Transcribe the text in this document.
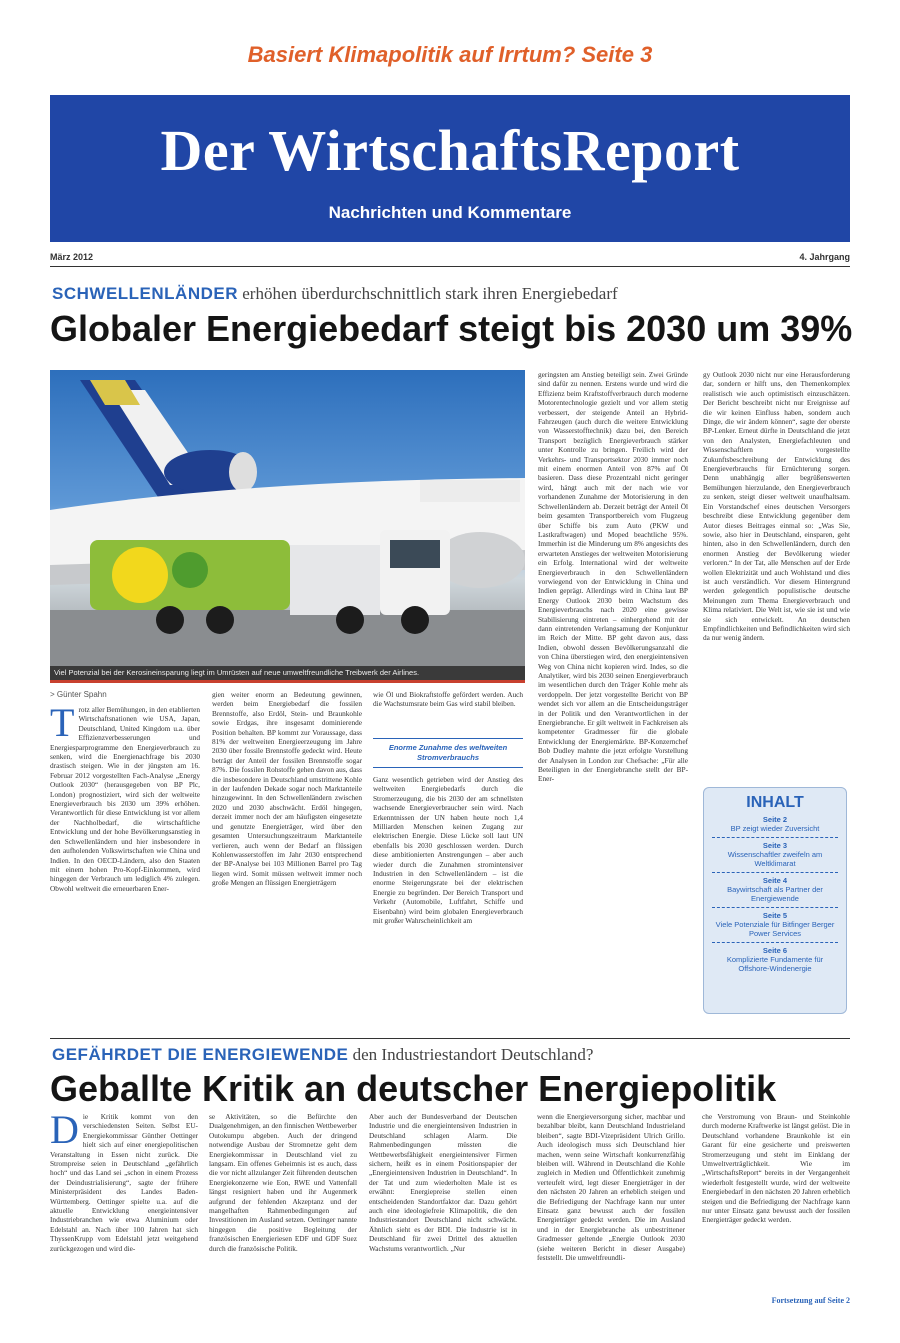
Basiert Klimapolitik auf Irrtum? Seite 3
Der WirtschaftsReport
Nachrichten und Kommentare
März 2012	4. Jahrgang
SCHWELLENLÄNDER erhöhen überdurchschnittlich stark ihren Energiebedarf
Globaler Energiebedarf steigt bis 2030 um 39%
Viel Potenzial bei der Kerosineinsparung liegt im Umrüsten auf neue umweltfreundliche Treibwerk der Airlines.
> Günter Spahn
Trotz aller Bemühungen, in den etablierten Wirtschaftsnationen wie USA, Japan, Deutschland, United Kingdom u.a. über Effizienzverbesserungen und Energiesparprogramme den Energieverbrauch zu senken, wird die Energienachfrage bis 2030 drastisch steigen. Wie in der jüngsten am 16. Februar 2012 vorgestellten Fach-Analyse „Energy Outlook 2030“ (herausgegeben von BP Plc, London) prognostiziert, wird sich der weltweite Energieverbrauch bis 2030 um 39% erhöhen. Verantwortlich für diese Entwicklung ist vor allem der Nachholbedarf, die wirtschaftliche Entwicklung und der hohe Bevölkerungsanstieg in den Schwellenländern und hier insbesondere in den aufholenden Volkswirtschaften wie China und Indien. In den OECD-Ländern, also den Staaten mit einem hohen Pro-Kopf-Einkommen, wird hingegen der Verbrauch um lediglich 4% zulegen. Obwohl weltweit die erneuerbaren Ener-
gien weiter enorm an Bedeutung gewinnen, werden beim Energiebedarf die fossilen Brennstoffe, also Erdöl, Stein- und Braunkohle sowie Erdgas, ihre insgesamt dominierende Position behalten. BP kommt zur Voraussage, dass 81% der weltweiten Energieerzeugung im Jahre 2030 über fossile Brennstoffe gedeckt wird. Heute beträgt der Anteil der fossilen Brennstoffe sogar 87%. Die fossilen Rohstoffe gehen davon aus, dass die insbesondere in Deutschland umstrittene Kohle in der laufenden Dekade sogar noch Marktanteile hinzugewinnt. In den Schwellenländern zwischen 2020 und 2030 abschwächt. Erdöl hingegen, derzeit immer noch der am häufigsten eingesetzte und genutzte Energieträger, wird über den gesamten Untersuchungszeitraum Marktanteile verlieren, auch wenn der Bedarf an flüssigen Kohlenwasserstoffen im Jahr 2030 entsprechend der BP-Analyse bei 103 Millionen Barrel pro Tag liegen wird. Somit müssen weltweit immer noch große Mengen an flüssigen Energieträgern
wie Öl und Biokraftstoffe gefördert werden. Auch die Wachstumsrate beim Gas wird stabil bleiben.
Enorme Zunahme des weltweiten Stromverbrauchs
Ganz wesentlich getrieben wird der Anstieg des weltweiten Energiebedarfs durch die Stromerzeugung, die bis 2030 der am schnellsten wachsende Energieverbraucher sein wird. Nach Erkenntnissen der UN haben heute noch 1,4 Milliarden Menschen keinen Zugang zur elektrischen Energie. Diese Lücke soll laut UN ebenfalls bis 2030 geschlossen werden. Durch diese ambitionierten Anstrengungen – aber auch wieder durch die Zunahmen stromintensiver Industrien in den Schwellenländern – ist die enorme Steigerungsrate bei der elektrischen Energie zu begründen. Der Bereich Transport und Verkehr (Automobile, Luftfahrt, Schiffe und Eisenbahn) wird beim globalen Energieverbrauch mit großer Wahrscheinlichkeit am
geringsten am Anstieg beteiligt sein. Zwei Gründe sind dafür zu nennen. Erstens wurde und wird die Effizienz beim Kraftstoffverbrauch durch moderne Motorentechnologie gezielt und vor allem stetig verbessert, der steigende Anteil an Hybrid-Fahrzeugen (auch durch die weitere Entwicklung von Wasserstofftechnik) dazu bei, den Bereich Transport bezüglich Energieverbrauch stärker unter Kontrolle zu bringen. Freilich wird der Verkehrs- und Transportsektor 2030 immer noch mit einem enormen Anteil von 87% auf Öl basieren. Dass diese Prozentzahl nicht geringer wird, hängt auch mit der nach wie vor vorhandenen Zunahme der Motorisierung in den Schwellenländern ab. Derzeit beträgt der Anteil Öl beim gesamten Transportbereich vom Flugzeug über Schiffe bis zum Auto (PKW und Lastkraftwagen) und Moped beachtliche 95%. Immerhin ist die Minderung um 8% angesichts des erwarteten Anstieges der weltweiten Motorisierung ein Erfolg. International wird der weltweite Energieverbrauch in den Schwellenländern vorwiegend von der Entwicklung in China und Indien geprägt. Allerdings wird in China laut BP Energy Outlook 2030 beim Wachstum des Energieverbrauchs nach 2020 eine gewisse Stabilisierung eintreten – einhergehend mit der dann eintretenden Verlangsamung der Konjunktur im Reich der Mitte. BP geht davon aus, dass Indien, obwohl dessen Bevölkerungsanzahl die von China überstiegen wird, den energieintensiven Weg von China nicht kopieren wird. Indes, so die Analytiker, wird bis 2030 seinen Energieverbrauch im wesentlichen durch den Träger Kohle mehr als verdoppeln. Der jetzt vorgestellte Bericht von BP wendet sich vor allem an die Entscheidungsträger in der Politik und den Verantwortlichen in der Energiebranche. Er gilt weltweit in Fachkreisen als kompetenter Gradmesser für die globale Entwicklung der Energiemärkte. BP-Konzernchef Bob Dudley mahnte die jetzt erfolgte Vorstellung der Analysen in London zur Chefsache: „Für alle Beteiligten in der Energiebranche stellt der BP-Ener-
gy Outlook 2030 nicht nur eine Herausforderung dar, sondern er hilft uns, den Themenkomplex realistisch wie auch optimistisch einzuschätzen. Der Bericht beschreibt nicht nur Ereignisse auf die wir keinen Einfluss haben, sondern auch Dinge, die wir ändern können“, sagte der oberste BP-Lenker. Erneut dürfte in Deutschland die jetzt von den Analysten, Energiefachleuten und Wissenschaftlern vorgestellte Zukunftsbeschreibung der Entwicklung des Energieverbrauchs für Ernüchterung sorgen. Denn unabhängig aller begrüßenswerten Bemühungen hierzulande, den Energieverbrauch zu senken, steigt dieser weltweit unaufhaltsam. Ein Vorstandschef eines deutschen Versorgers beschreibt diese Entwicklung gegenüber dem Autor dieses Beitrages einmal so: „Was Sie, sowie, also hier in Deutschland, einsparen, geht hinten, also in den Schwellenländern, durch den enormen Anstieg der Bevölkerung wieder verloren.“ In der Tat, alle Menschen auf der Erde wollen Elektrizität und auch Wohlstand und dies ist auch verständlich. Vor diesem Hintergrund werden gelegentlich populistische deutsche Meinungen zum Thema Energieverbrauch und Klima relativiert. Die Welt ist, wie sie ist und wie sie sich entwickelt. An deutschen Empfindlichkeiten und Befindlichkeiten wird sich da nur wenig ändern.
INHALT
Seite 2
BP zeigt wieder Zuversicht
Seite 3
Wissenschaftler zweifeln am Weltklimarat
Seite 4
Baywirtschaft als Partner der Energiewende
Seite 5
Viele Potenziale für Bitfinger Berger Power Services
Seite 6
Komplizierte Fundamente für Offshore-Windenergie
GEFÄHRDET DIE ENERGIEWENDE den Industriestandort Deutschland?
Geballte Kritik an deutscher Energiepolitik
Die Kritik kommt von den verschiedensten Seiten. Selbst EU-Energiekommissar Günther Oettinger hielt sich auf einer energiepolitischen Veranstaltung in Essen nicht zurück. Die Strompreise seien in Deutschland „gefährlich hoch“ und das Land sei „schon in einem Prozess der Deindustrialisierung“, sagte der frühere Ministerpräsident des Landes Baden-Württemberg. Oettinger spielte u.a. auf die aktuelle Entwicklung energieintensiver Industriebranchen wie etwa Aluminium oder Edelstahl an. Nach über 100 Jahren hat sich ThyssenKrupp vom Edelstahl jetzt weitgehend zurückgezogen und wird die-
se Aktivitäten, so die Befürchte den Dualgenehmigen, an den finnischen Wettbewerber Outokumpu abgeben. Auch der dringend notwendige Ausbau der Stromnetze geht dem Energiekommissar in Deutschland viel zu langsam. Ein offenes Geheimnis ist es auch, dass die vor nicht allzulanger Zeit führenden deutschen Energiekonzerne wie Eon, RWE und Vattenfall längst resigniert haben und ihr Augenmerk aufgrund der fehlenden Akzeptanz und der mangelhaften Rahmenbedingungen auf Investitionen im Ausland setzen. Oettinger nannte hingegen die positive Begleitung der französischen Energieriesen EDF und GDF Suez durch die französische Politik.
Aber auch der Bundesverband der Deutschen Industrie und die energieintensiven Industrien in Deutschland schlagen Alarm. Die Rahmenbedingungen müssten die Wettbewerbsfähigkeit energieintensiver Firmen sichern, heißt es in einem Positionspapier der „Energieintensiven Industrien in Deutschland“. In der Tat und zum wiederholten Male ist es erwähnt: Energiepreise stellen einen entscheidenden Standortfaktor dar. Dazu gehört auch eine ideologiefreie Klimapolitik, die den Industriestandort Deutschland nicht schwächt. Ähnlich sieht es der BDI. Die Industrie ist in Deutschland für zwei Drittel des aktuellen Wachstums verantwortlich. „Nur
wenn die Energieversorgung sicher, machbar und bezahlbar bleibt, kann Deutschland Industrieland bleiben“, sagte BDI-Vizepräsident Ulrich Grillo. Auch ideologisch muss sich Deutschland hier machen, wenn seine Wirtschaft konkurrenzfähig bleiben will. Während in Deutschland die Kohle zugleich in Medien und Öffentlichkeit zunehmig verteufelt wird, legt dieser Energieträger in der den nächsten 20 Jahren an erheblich steigen und die Befriedigung der Nachfrage kann nur unter Einsatz ganz bewusst auch der fossilen Energieträger gedeckt werden. Die im Ausland und in der Energiebranche als unbestrittener Gradmesser geltende „Energie Outlook 2030 (siehe weiteren Bericht in dieser Ausgabe) feststellt. Die umweltfreundli-
che Verstromung von Braun- und Steinkohle durch moderne Kraftwerke ist längst gelöst. Die in Deutschland vorhandene Braunkohle ist ein Garant für eine gesicherte und preiswerten Stromerzeugung und steht im Einklang der Umweltverträglichkeit. Wie im „WirtschaftsReport“ bereits in der Vergangenheit wiederholt festgestellt wurde, wird der weltweite Energiebedarf in den nächsten 20 Jahren erheblich steigen und die Befriedigung der Nachfrage kann nur unter Einsatz ganz bewusst auch der fossilen Energieträger gedeckt werden.
Fortsetzung auf Seite 2
